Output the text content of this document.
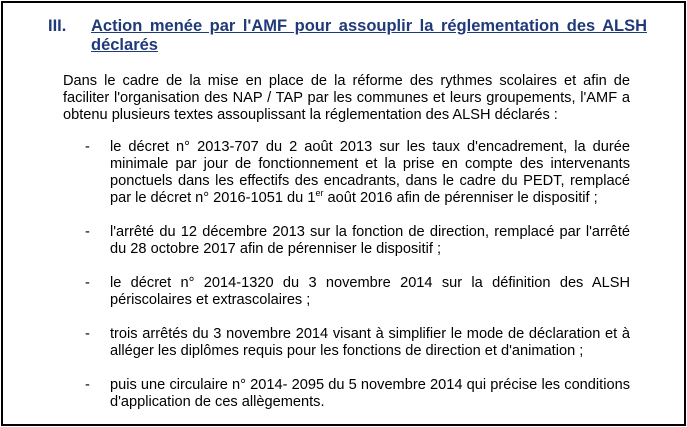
III.	Action menée par l'AMF pour assouplir la réglementation des ALSH déclarés

Dans le cadre de la mise en place de la réforme des rythmes scolaires et afin de faciliter l'organisation des NAP / TAP par les communes et leurs groupements, l'AMF a obtenu plusieurs textes assouplissant la réglementation des ALSH déclarés :

-	le décret n° 2013-707 du 2 août 2013 sur les taux d'encadrement, la durée minimale par jour de fonctionnement et la prise en compte des intervenants ponctuels dans les effectifs des encadrants, dans le cadre du PEDT, remplacé par le décret n° 2016-1051 du 1er août 2016 afin de pérenniser le dispositif ;
-	l'arrêté du 12 décembre 2013 sur la fonction de direction, remplacé par l'arrêté du 28 octobre 2017 afin de pérenniser le dispositif ;
-	le décret n° 2014-1320 du 3 novembre 2014 sur la définition des ALSH périscolaires et extrascolaires ;
-	trois arrêtés du 3 novembre 2014 visant à simplifier le mode de déclaration et à alléger les diplômes requis pour les fonctions de direction et d'animation ;
-	puis une circulaire n° 2014- 2095 du 5 novembre 2014 qui précise les conditions d'application de ces allègements.
